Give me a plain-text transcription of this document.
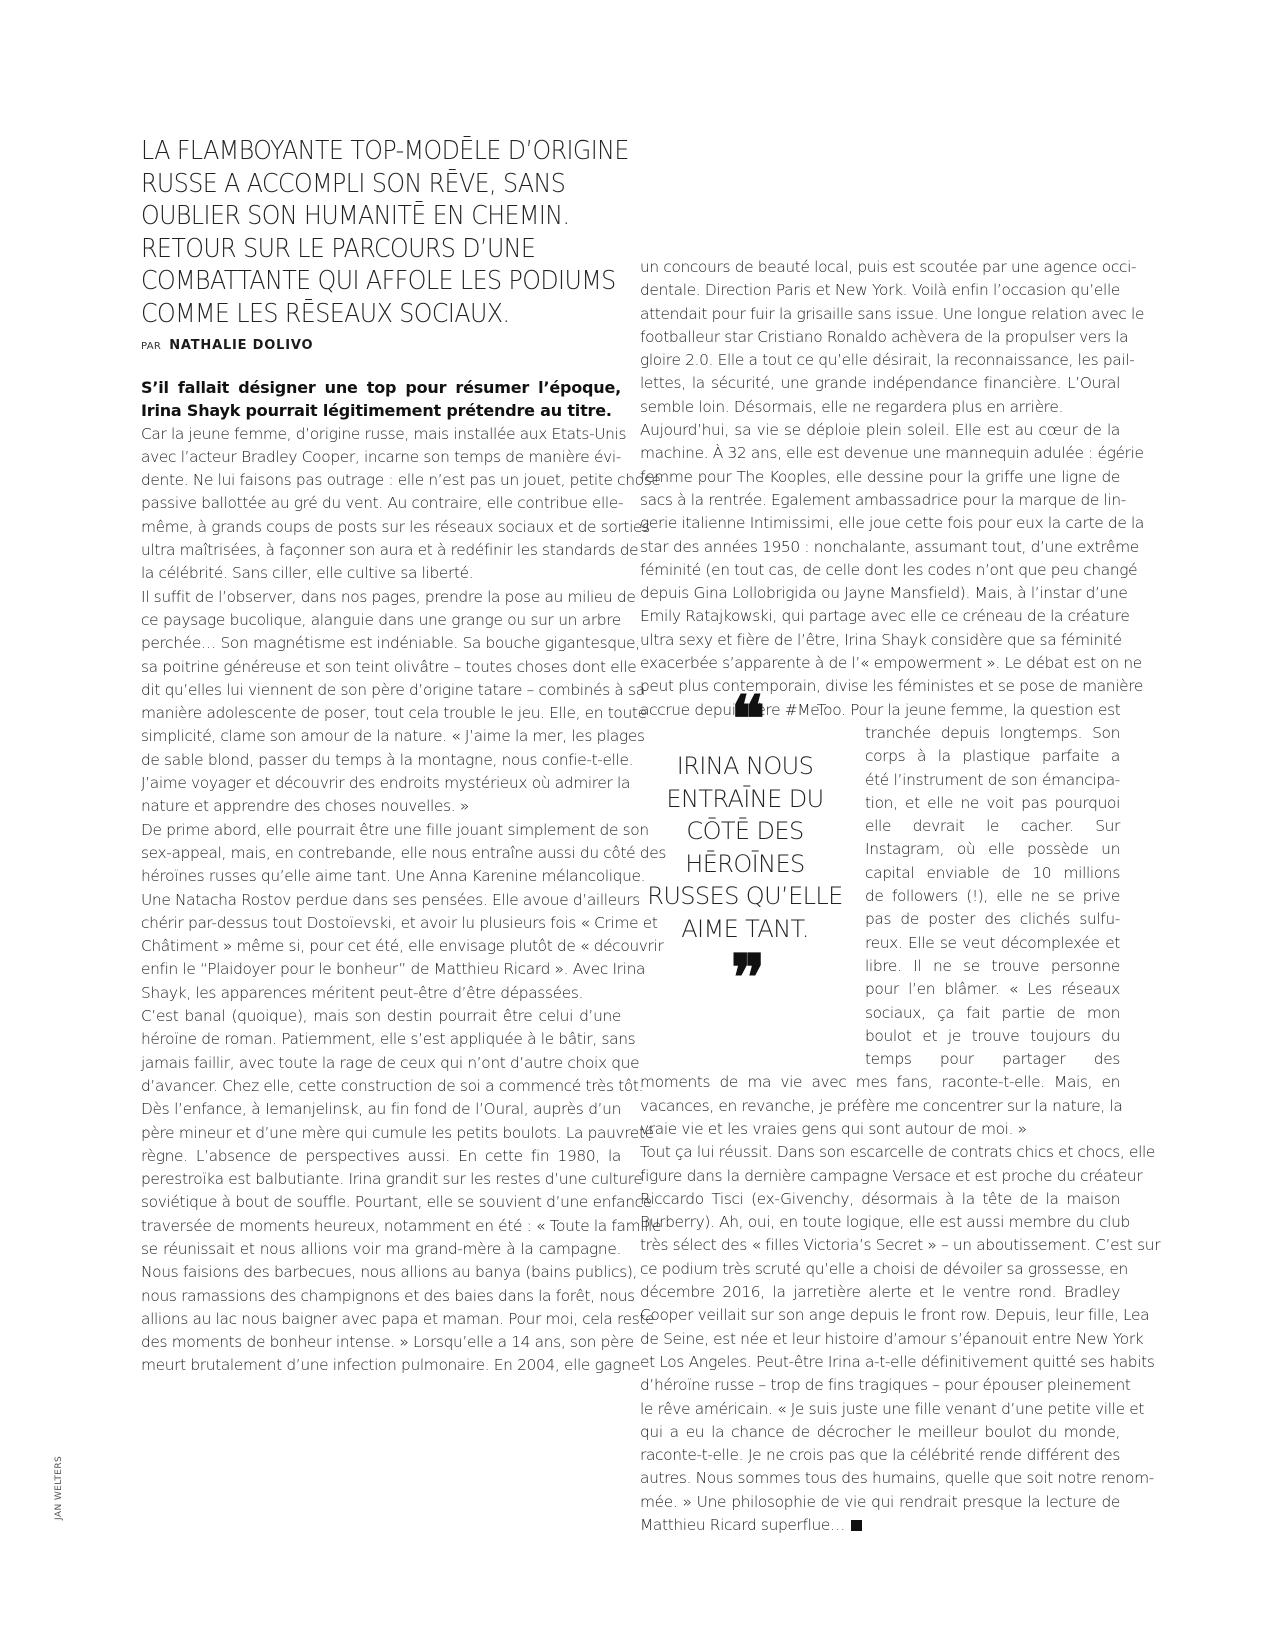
LA FLAMBOYANTE TOP-MODĒLE D’ORIGINE
RUSSE A ACCOMPLI SON RĒVE, SANS
OUBLIER SON HUMANITĒ EN CHEMIN.
RETOUR SUR LE PARCOURS D’UNE
COMBATTANTE QUI AFFOLE LES PODIUMS
COMME LES RĒSEAUX SOCIAUX.
PAR NATHALIE DOLIVO
S’il fallait désigner une top pour résumer l’époque,
Irina Shayk pourrait légitimement prétendre au titre.
Car la jeune femme, d’origine russe, mais installée aux Etats-Unis
avec l’acteur Bradley Cooper, incarne son temps de manière évi-
dente. Ne lui faisons pas outrage : elle n’est pas un jouet, petite chose
passive ballottée au gré du vent. Au contraire, elle contribue elle-
même, à grands coups de posts sur les réseaux sociaux et de sorties
ultra maîtrisées, à façonner son aura et à redéfinir les standards de
la célébrité. Sans ciller, elle cultive sa liberté.
Il suffit de l’observer, dans nos pages, prendre la pose au milieu de
ce paysage bucolique, alanguie dans une grange ou sur un arbre
perchée… Son magnétisme est indéniable. Sa bouche gigantesque,
sa poitrine généreuse et son teint olivâtre – toutes choses dont elle
dit qu’elles lui viennent de son père d’origine tatare – combinés à sa
manière adolescente de poser, tout cela trouble le jeu. Elle, en toute
simplicité, clame son amour de la nature. « J’aime la mer, les plages
de sable blond, passer du temps à la montagne, nous confie-t-elle.
J’aime voyager et découvrir des endroits mystérieux où admirer la
nature et apprendre des choses nouvelles. »
De prime abord, elle pourrait être une fille jouant simplement de son
sex-appeal, mais, en contrebande, elle nous entraîne aussi du côté des
héroïnes russes qu’elle aime tant. Une Anna Karenine mélancolique.
Une Natacha Rostov perdue dans ses pensées. Elle avoue d’ailleurs
chérir par-dessus tout Dostoïevski, et avoir lu plusieurs fois « Crime et
Châtiment » même si, pour cet été, elle envisage plutôt de « découvrir
enfin le “Plaidoyer pour le bonheur” de Matthieu Ricard ». Avec Irina
Shayk, les apparences méritent peut-être d’être dépassées.
C’est banal (quoique), mais son destin pourrait être celui d’une
héroïne de roman. Patiemment, elle s’est appliquée à le bâtir, sans
jamais faillir, avec toute la rage de ceux qui n’ont d’autre choix que
d’avancer. Chez elle, cette construction de soi a commencé très tôt.
Dès l’enfance, à Iemanjelinsk, au fin fond de l’Oural, auprès d’un
père mineur et d’une mère qui cumule les petits boulots. La pauvreté
règne. L’absence de perspectives aussi. En cette fin 1980, la
perestroïka est balbutiante. Irina grandit sur les restes d’une culture
soviétique à bout de souffle. Pourtant, elle se souvient d’une enfance
traversée de moments heureux, notamment en été : « Toute la famille
se réunissait et nous allions voir ma grand-mère à la campagne.
Nous faisions des barbecues, nous allions au banya (bains publics),
nous ramassions des champignons et des baies dans la forêt, nous
allions au lac nous baigner avec papa et maman. Pour moi, cela reste
des moments de bonheur intense. » Lorsqu’elle a 14 ans, son père
meurt brutalement d’une infection pulmonaire. En 2004, elle gagne
un concours de beauté local, puis est scoutée par une agence occi-
dentale. Direction Paris et New York. Voilà enfin l’occasion qu’elle
attendait pour fuir la grisaille sans issue. Une longue relation avec le
footballeur star Cristiano Ronaldo achèvera de la propulser vers la
gloire 2.0. Elle a tout ce qu’elle désirait, la reconnaissance, les pail-
lettes, la sécurité, une grande indépendance financière. L’Oural
semble loin. Désormais, elle ne regardera plus en arrière.
Aujourd’hui, sa vie se déploie plein soleil. Elle est au cœur de la
machine. À 32 ans, elle est devenue une mannequin adulée : égérie
femme pour The Kooples, elle dessine pour la griffe une ligne de
sacs à la rentrée. Egalement ambassadrice pour la marque de lin-
gerie italienne Intimissimi, elle joue cette fois pour eux la carte de la
star des années 1950 : nonchalante, assumant tout, d’une extrême
féminité (en tout cas, de celle dont les codes n’ont que peu changé
depuis Gina Lollobrigida ou Jayne Mansfield). Mais, à l’instar d’une
Emily Ratajkowski, qui partage avec elle ce créneau de la créature
ultra sexy et fière de l’être, Irina Shayk considère que sa féminité
exacerbée s’apparente à de l’« empowerment ». Le débat est on ne
peut plus contemporain, divise les féministes et se pose de manière
accrue depuis l’ère #MeToo. Pour la jeune femme, la question est
tranchée depuis longtemps. Son
corps à la plastique parfaite a
été l’instrument de son émancipa-
tion, et elle ne voit pas pourquoi
elle devrait le cacher. Sur
Instagram, où elle possède un
capital enviable de 10 millions
de followers (!), elle ne se prive
pas de poster des clichés sulfu-
reux. Elle se veut décomplexée et
libre. Il ne se trouve personne
pour l’en blâmer. « Les réseaux
sociaux, ça fait partie de mon
boulot et je trouve toujours du
temps pour partager des
moments de ma vie avec mes fans, raconte-t-elle. Mais, en
vacances, en revanche, je préfère me concentrer sur la nature, la
vraie vie et les vraies gens qui sont autour de moi. »
Tout ça lui réussit. Dans son escarcelle de contrats chics et chocs, elle
figure dans la dernière campagne Versace et est proche du créateur
Riccardo Tisci (ex-Givenchy, désormais à la tête de la maison
Burberry). Ah, oui, en toute logique, elle est aussi membre du club
très sélect des « filles Victoria’s Secret » – un aboutissement. C’est sur
ce podium très scruté qu’elle a choisi de dévoiler sa grossesse, en
décembre 2016, la jarretière alerte et le ventre rond. Bradley
Cooper veillait sur son ange depuis le front row. Depuis, leur fille, Lea
de Seine, est née et leur histoire d’amour s’épanouit entre New York
et Los Angeles. Peut-être Irina a-t-elle définitivement quitté ses habits
d’héroïne russe – trop de fins tragiques – pour épouser pleinement
le rêve américain. « Je suis juste une fille venant d’une petite ville et
qui a eu la chance de décrocher le meilleur boulot du monde,
raconte-t-elle. Je ne crois pas que la célébrité rende différent des
autres. Nous sommes tous des humains, quelle que soit notre renom-
mée. » Une philosophie de vie qui rendrait presque la lecture de
Matthieu Ricard superflue…
❝
IRINA NOUS
ENTRAĪNE DU
CŌTĒ DES
HĒROĪNES
RUSSES QU’ELLE
AIME TANT.
❞
JAN WELTERS
